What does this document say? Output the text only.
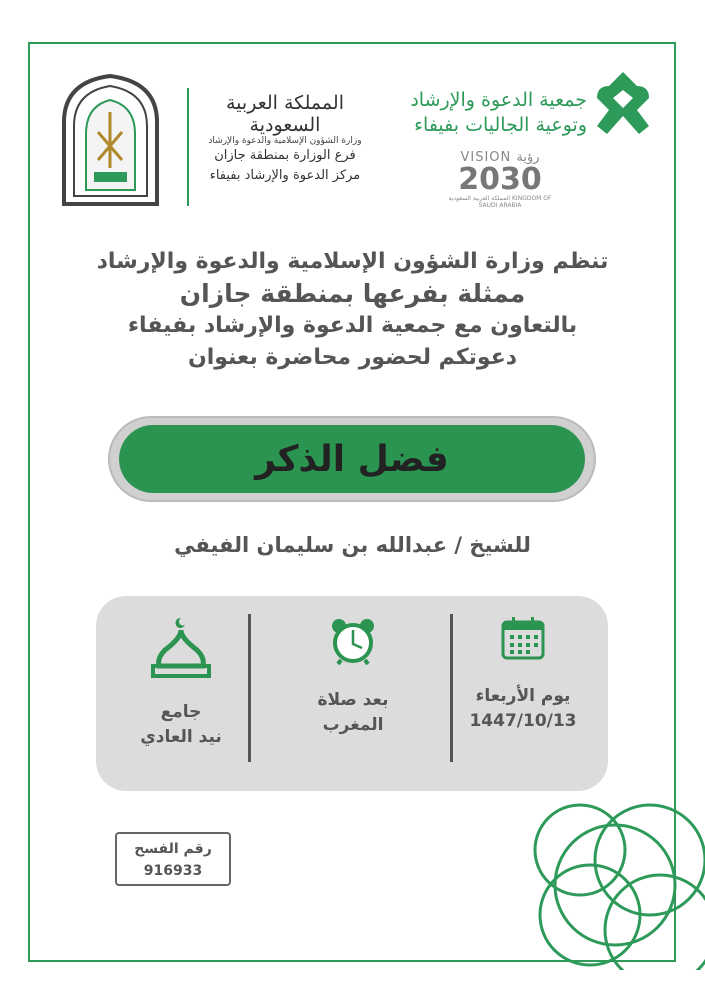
جمعية الدعوة والإرشاد
وتوعية الجاليات بفيفاء
VISION رؤية
2030
المملكة العربية السعودية KINGDOM OF SAUDI ARABIA
المملكة العربية السعودية
وزارة الشؤون الإسلامية والدعوة والإرشاد
فرع الوزارة بمنطقة جازان
مركز الدعوة والإرشاد بفيفاء
تنظم وزارة الشؤون الإسلامية والدعوة والإرشاد
ممثلة بفرعها بمنطقة جازان
بالتعاون مع جمعية الدعوة والإرشاد بفيفاء
دعوتكم لحضور محاضرة بعنوان
فضل الذكر
للشيخ / عبدالله بن سليمان الفيفي
يوم الأربعاء
1447/10/13
بعد صلاة
المغرب
جامع
نيد العادي
رقم الفسح
916933
